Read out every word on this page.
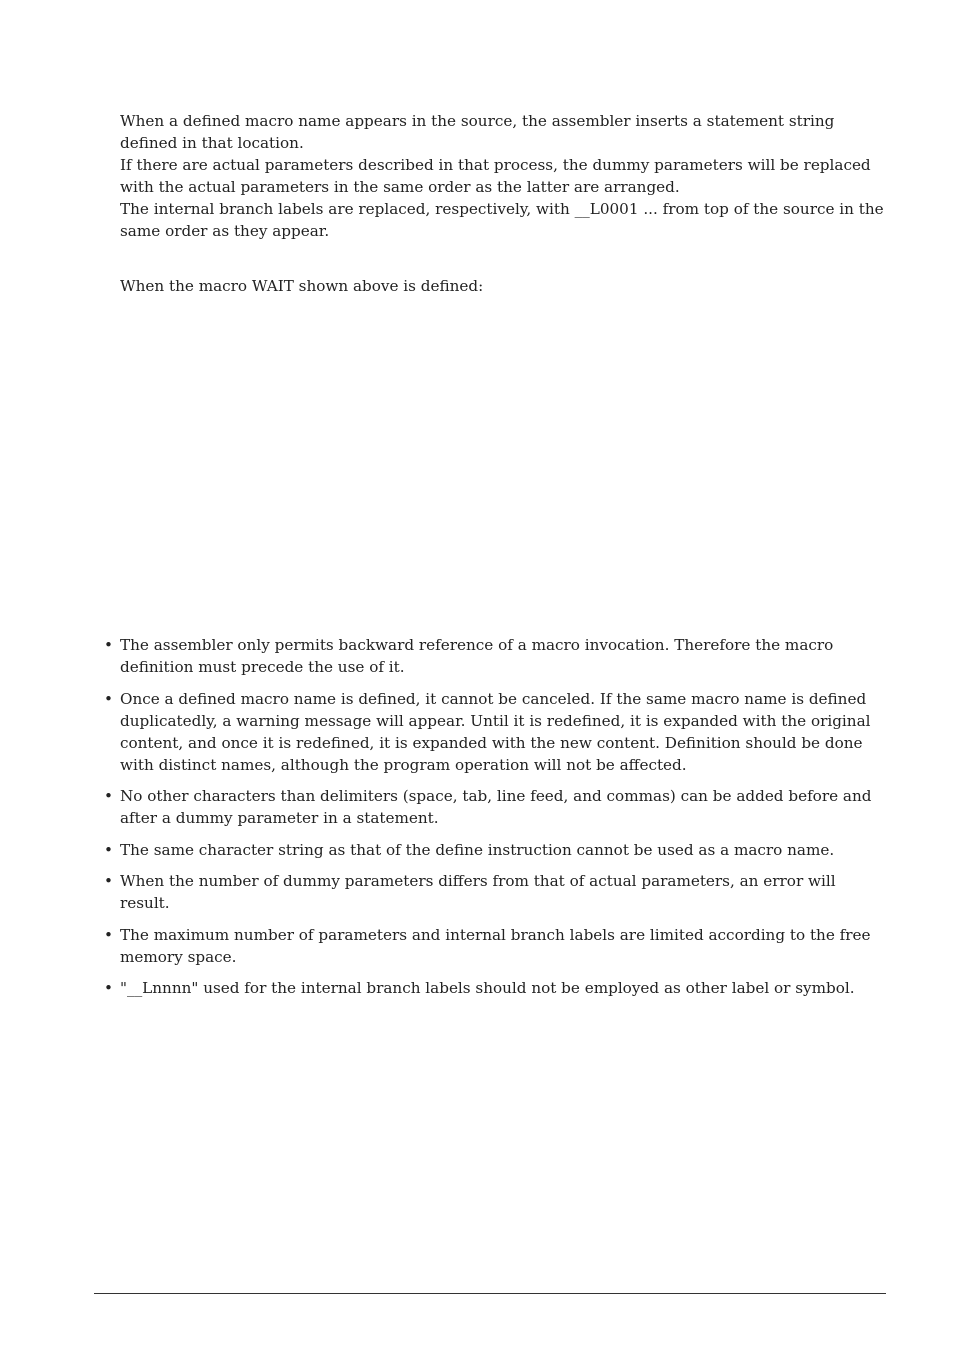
When a defined macro name appears in the source, the assembler inserts a statement string defined in that location.

If there are actual parameters described in that process, the dummy parameters will be replaced with the actual parameters in the same order as the latter are arranged.

The internal branch labels are replaced, respectively, with __L0001 ... from top of the source in the same order as they appear.

When the macro WAIT shown above is defined:

• The assembler only permits backward reference of a macro invocation. Therefore the macro definition must precede the use of it.
• Once a defined macro name is defined, it cannot be canceled. If the same macro name is defined duplicatedly, a warning message will appear. Until it is redefined, it is expanded with the original content, and once it is redefined, it is expanded with the new content. Definition should be done with distinct names, although the program operation will not be affected.
• No other characters than delimiters (space, tab, line feed, and commas) can be added before and after a dummy parameter in a statement.
• The same character string as that of the define instruction cannot be used as a macro name.
• When the number of dummy parameters differs from that of actual parameters, an error will result.
• The maximum number of parameters and internal branch labels are limited according to the free memory space.
• "__Lnnnn" used for the internal branch labels should not be employed as other label or symbol.
